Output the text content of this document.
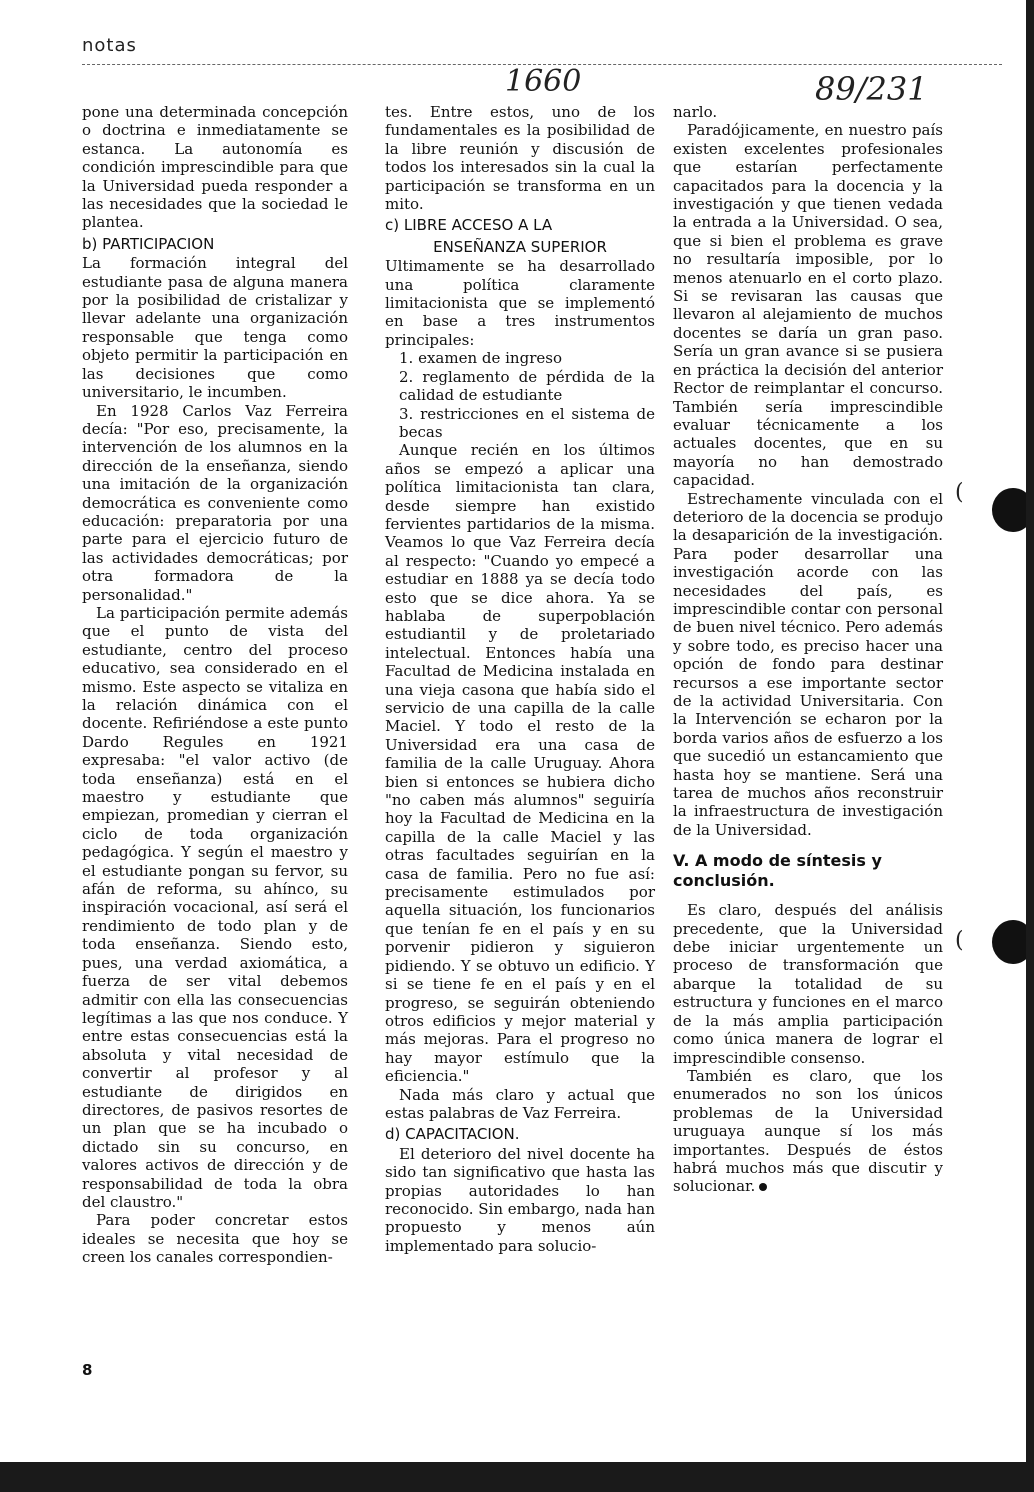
notas
1660	89/231

pone una determinada concepción o doctrina e inmediatamente se estanca. La autonomía es condición imprescindible para que la Universidad pueda responder a las necesidades que la sociedad le plantea.

b) PARTICIPACION

La formación integral del estudiante pasa de alguna manera por la posibilidad de cristalizar y llevar adelante una organización responsable que tenga como objeto permitir la participación en las decisiones que como universitario, le incumben.

En 1928 Carlos Vaz Ferreira decía: "Por eso, precisamente, la intervención de los alumnos en la dirección de la enseñanza, siendo una imitación de la organización democrática es conveniente como educación: preparatoria por una parte para el ejercicio futuro de las actividades democráticas; por otra formadora de la personalidad."

La participación permite además que el punto de vista del estudiante, centro del proceso educativo, sea considerado en el mismo. Este aspecto se vitaliza en la relación dinámica con el docente. Refiriéndose a este punto Dardo Regules en 1921 expresaba: "el valor activo (de toda enseñanza) está en el maestro y estudiante que empiezan, promedian y cierran el ciclo de toda organización pedagógica. Y según el maestro y el estudiante pongan su fervor, su afán de reforma, su ahínco, su inspiración vocacional, así será el rendimiento de todo plan y de toda enseñanza. Siendo esto, pues, una verdad axiomática, a fuerza de ser vital debemos admitir con ella las consecuencias legítimas a las que nos conduce. Y entre estas consecuencias está la absoluta y vital necesidad de convertir al profesor y al estudiante de dirigidos en directores, de pasivos resortes de un plan que se ha incubado o dictado sin su concurso, en valores activos de dirección y de responsabilidad de toda la obra del claustro."

Para poder concretar estos ideales se necesita que hoy se creen los canales correspondien-

tes. Entre estos, uno de los fundamentales es la posibilidad de la libre reunión y discusión de todos los interesados sin la cual la participación se transforma en un mito.

c) LIBRE ACCESO A LA
ENSEÑANZA SUPERIOR

Ultimamente se ha desarrollado una política claramente limitacionista que se implementó en base a tres instrumentos principales:

1. examen de ingreso
2. reglamento de pérdida de la calidad de estudiante
3. restricciones en el sistema de becas

Aunque recién en los últimos años se empezó a aplicar una política limitacionista tan clara, desde siempre han existido fervientes partidarios de la misma. Veamos lo que Vaz Ferreira decía al respecto: "Cuando yo empecé a estudiar en 1888 ya se decía todo esto que se dice ahora. Ya se hablaba de superpoblación estudiantil y de proletariado intelectual. Entonces había una Facultad de Medicina instalada en una vieja casona que había sido el servicio de una capilla de la calle Maciel. Y todo el resto de la Universidad era una casa de familia de la calle Uruguay. Ahora bien si entonces se hubiera dicho "no caben más alumnos" seguiría hoy la Facultad de Medicina en la capilla de la calle Maciel y las otras facultades seguirían en la casa de familia. Pero no fue así: precisamente estimulados por aquella situación, los funcionarios que tenían fe en el país y en su porvenir pidieron y siguieron pidiendo. Y se obtuvo un edificio. Y si se tiene fe en el país y en el progreso, se seguirán obteniendo otros edificios y mejor material y más mejoras. Para el progreso no hay mayor estímulo que la eficiencia."

Nada más claro y actual que estas palabras de Vaz Ferreira.

d) CAPACITACION.

El deterioro del nivel docente ha sido tan significativo que hasta las propias autoridades lo han reconocido. Sin embargo, nada han propuesto y menos aún implementado para solucio-

narlo.

Paradójicamente, en nuestro país existen excelentes profesionales que estarían perfectamente capacitados para la docencia y la investigación y que tienen vedada la entrada a la Universidad. O sea, que si bien el problema es grave no resultaría imposible, por lo menos atenuarlo en el corto plazo. Si se revisaran las causas que llevaron al alejamiento de muchos docentes se daría un gran paso. Sería un gran avance si se pusiera en práctica la decisión del anterior Rector de reimplantar el concurso. También sería imprescindible evaluar técnicamente a los actuales docentes, que en su mayoría no han demostrado capacidad.

Estrechamente vinculada con el deterioro de la docencia se produjo la desaparición de la investigación. Para poder desarrollar una investigación acorde con las necesidades del país, es imprescindible contar con personal de buen nivel técnico. Pero además y sobre todo, es preciso hacer una opción de fondo para destinar recursos a ese importante sector de la actividad Universitaria. Con la Intervención se echaron por la borda varios años de esfuerzo a los que sucedió un estancamiento que hasta hoy se mantiene. Será una tarea de muchos años reconstruir la infraestructura de investigación de la Universidad.

V. A modo de síntesis y conclusión.

Es claro, después del análisis precedente, que la Universidad debe iniciar urgentemente un proceso de transformación que abarque la totalidad de su estructura y funciones en el marco de la más amplia participación como única manera de lograr el imprescindible consenso.

También es claro, que los enumerados no son los únicos problemas de la Universidad uruguaya aunque sí los más importantes. Después de éstos habrá muchos más que discutir y solucionar.

8
(
(
